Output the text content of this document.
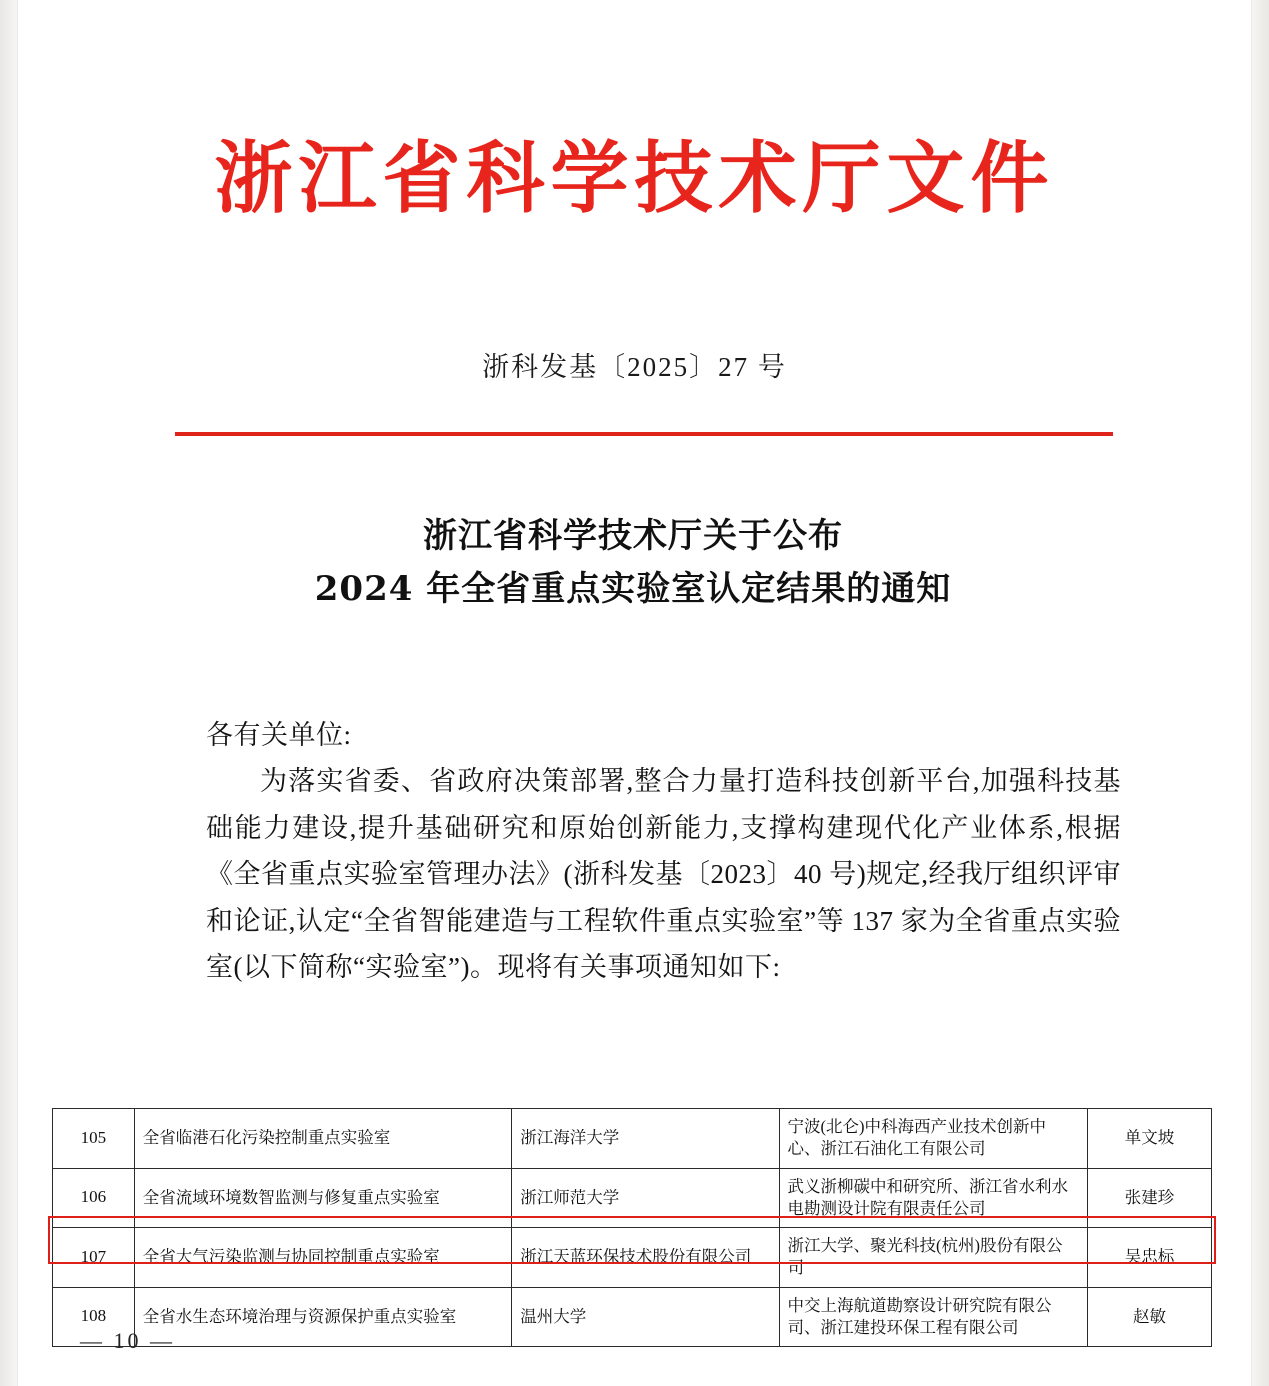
浙江省科学技术厅文件
浙科发基〔2025〕27 号
浙江省科学技术厅关于公布
2024 年全省重点实验室认定结果的通知

各有关单位:

为落实省委、省政府决策部署,整合力量打造科技创新平台,加强科技基础能力建设,提升基础研究和原始创新能力,支撑构建现代化产业体系,根据《全省重点实验室管理办法》(浙科发基〔2023〕40 号)规定,经我厅组织评审和论证,认定“全省智能建造与工程软件重点实验室”等 137 家为全省重点实验室(以下简称“实验室”)。现将有关事项通知如下:

105	全省临港石化污染控制重点实验室	浙江海洋大学	宁波(北仑)中科海西产业技术创新中心、浙江石油化工有限公司	单文坡
106	全省流域环境数智监测与修复重点实验室	浙江师范大学	武义浙柳碳中和研究所、浙江省水利水电勘测设计院有限责任公司	张建珍
107	全省大气污染监测与协同控制重点实验室	浙江天蓝环保技术股份有限公司	浙江大学、聚光科技(杭州)股份有限公司	吴忠标
108	全省水生态环境治理与资源保护重点实验室	温州大学	中交上海航道勘察设计研究院有限公司、浙江建投环保工程有限公司	赵敏
— 10 —
